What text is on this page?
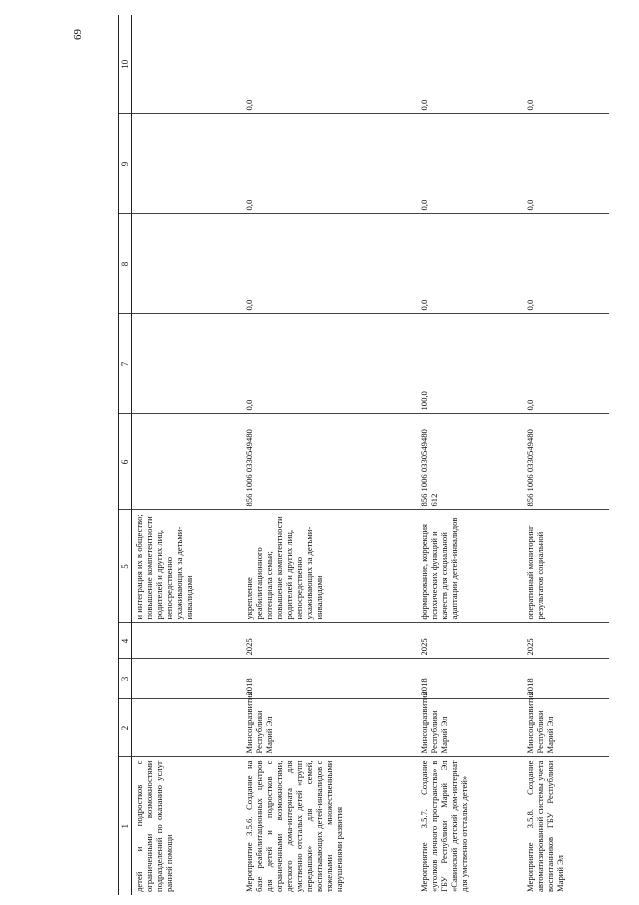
69
1	2	3	4	5	6	7	8	9	10
детей и подростков с ограниченными возможностями подразделений по оказанию услуг ранней помощи				и интеграция их в общество; повышение компетентности родителей и других лиц, непосредственно ухаживающих за детьми-инвалидами					
Мероприятие 3.5.6. Создание на базе реабилитационных центров для детей и подростков с ограниченными возможностями, детского дома-интерната для умственно отсталых детей «групп передышки» для семей, воспитывающих детей-инвалидов с тяжелыми множественными нарушениями развития	Минсоцразвития Республики Марий Эл	2018	2025	укрепление реабилитационного потенциала семьи; повышение компетентности родителей и других лиц, непосредственно ухаживающих за детьми-инвалидами	856 1006 0330549480	0,0	0,0	0,0	0,0
Мероприятие 3.5.7. Создание «уголков личного пространства» в ГБУ Республики Марий Эл «Савинский детский дом-интернат для умственно отсталых детей»	Минсоцразвития Республики Марий Эл	2018	2025	формирование, коррекция психических функций и качеств для социальной адаптации детей-инвалидов	856 1006 0330549480 612	100,0	0,0	0,0	0,0
Мероприятие 3.5.8. Создание автоматизированной системы учета воспитанников ГБУ Республики Марий Эл	Минсоцразвития Республики Марий Эл	2018	2025	оперативный мониторинг результатов социальной	856 1006 0330549480	0,0	0,0	0,0	0,0
